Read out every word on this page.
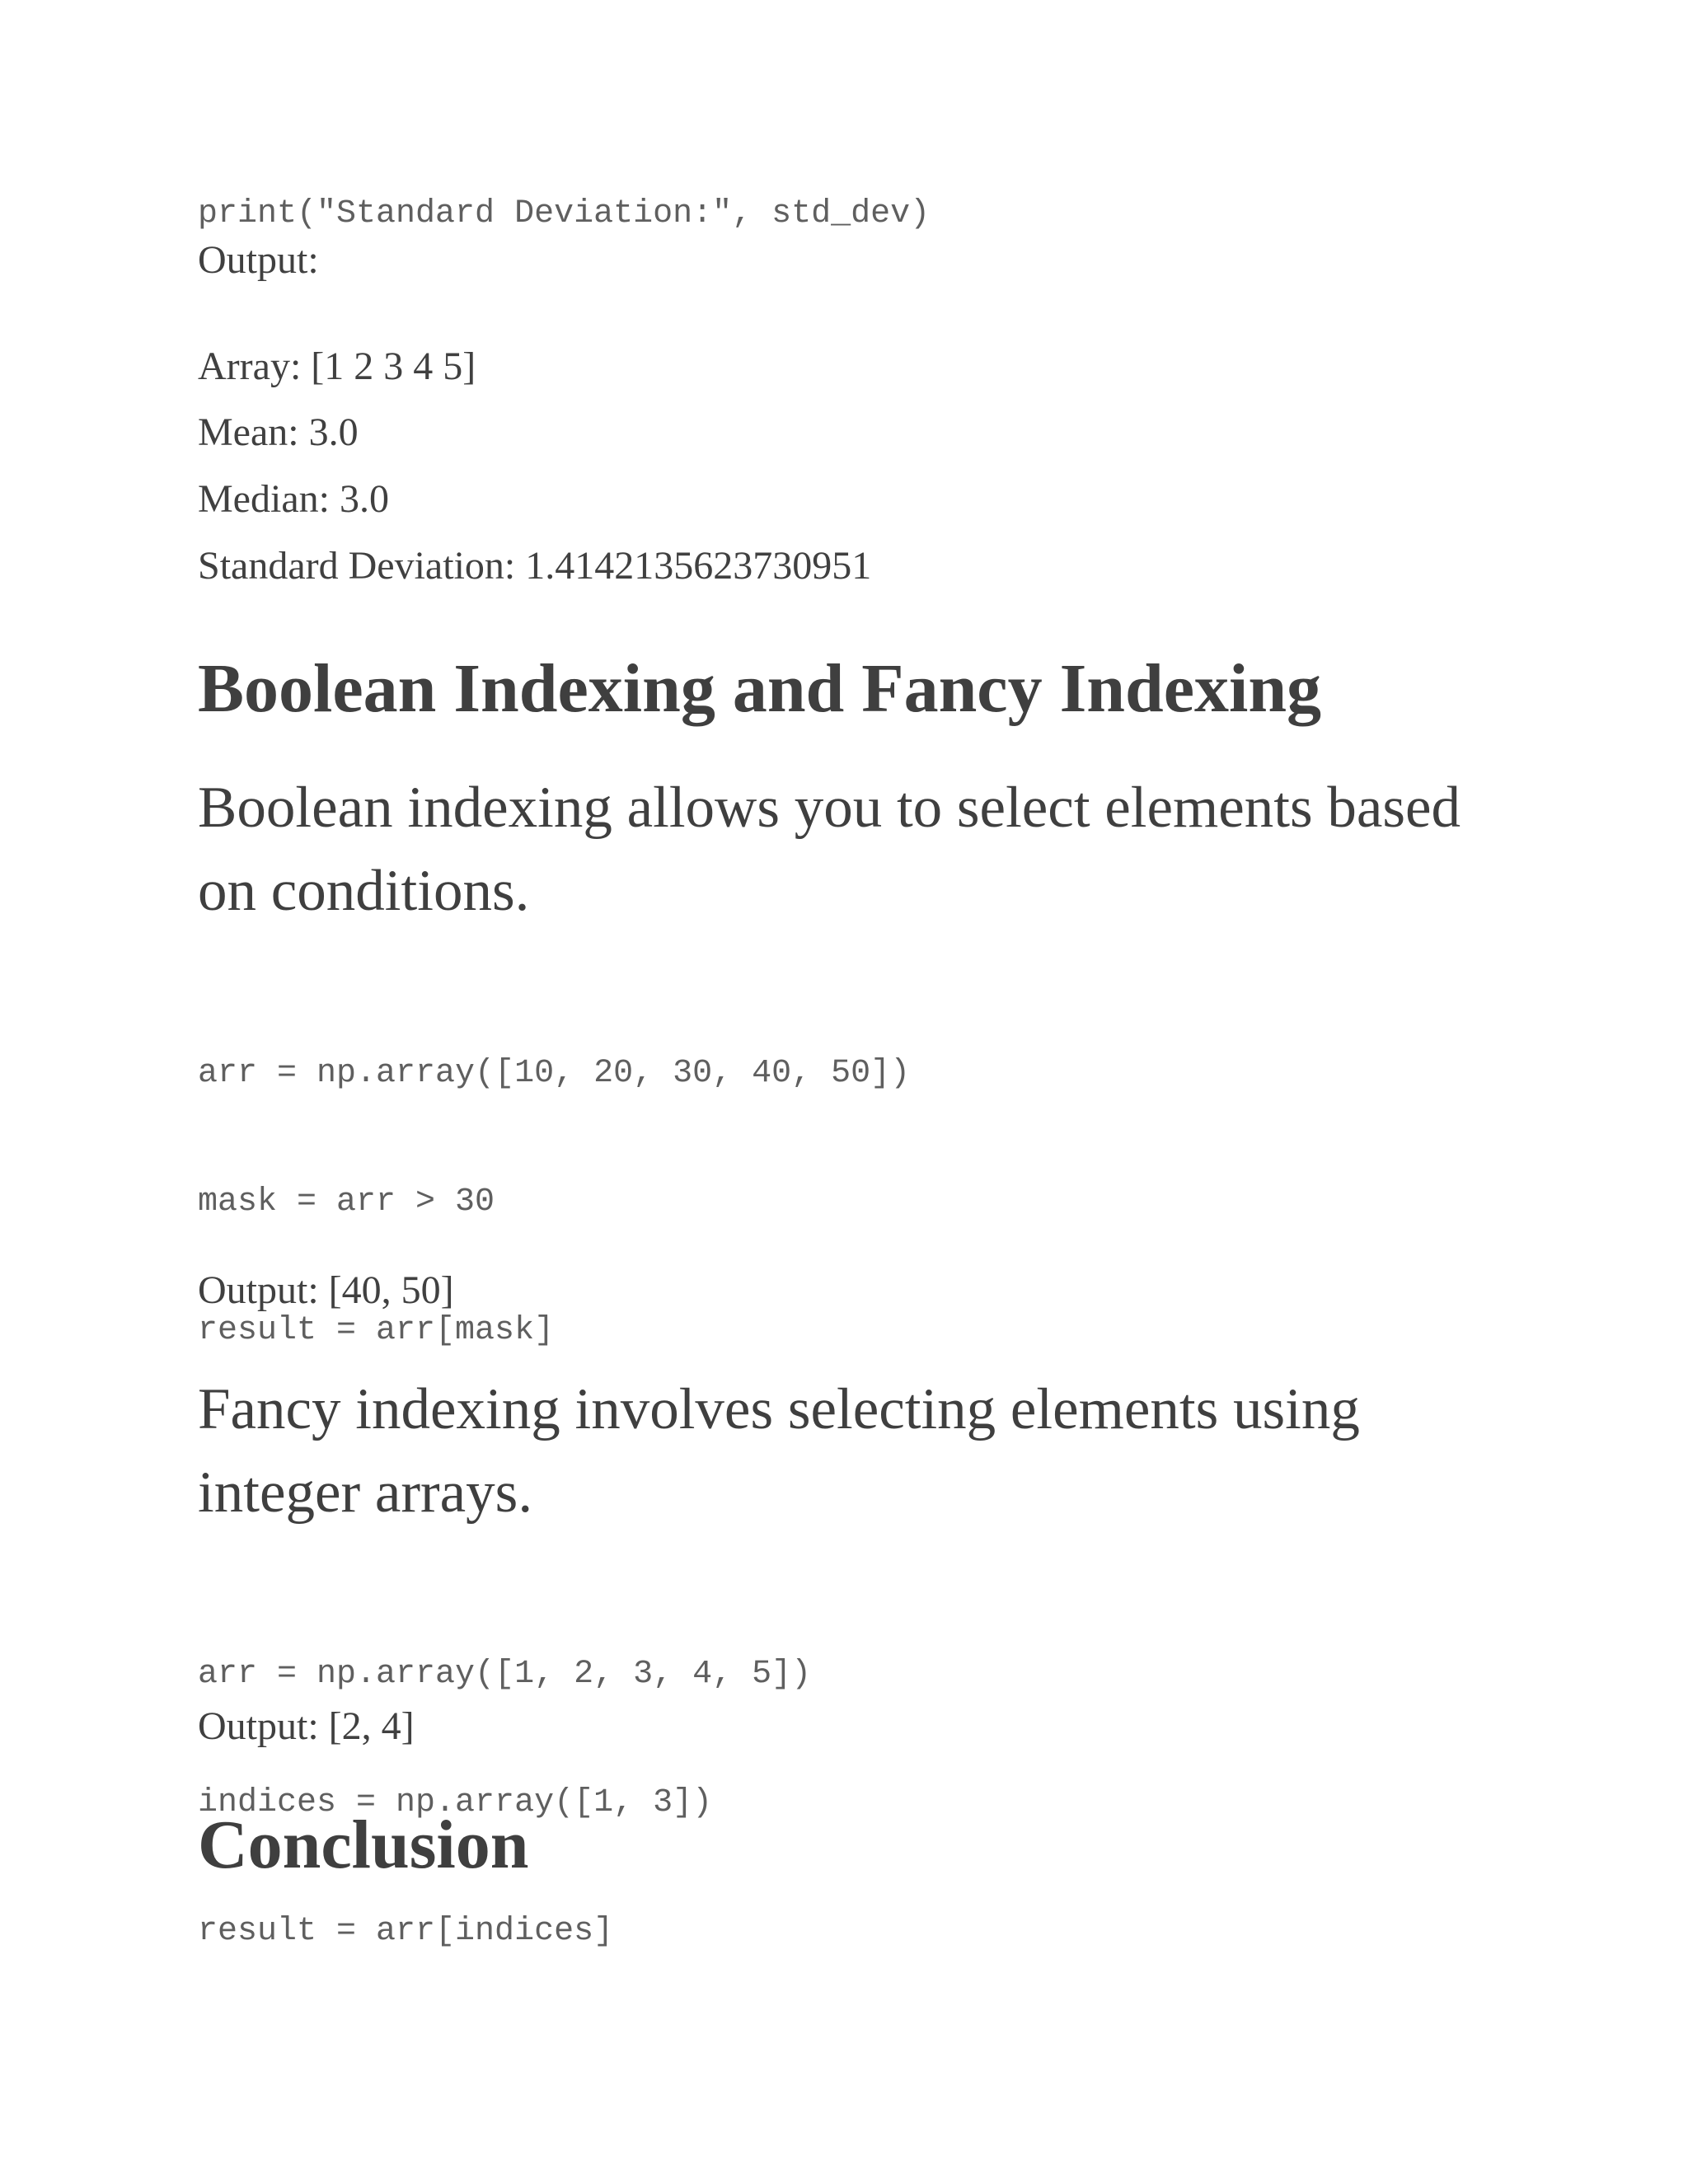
print("Standard Deviation:", std_dev)
Output:
Array: [1 2 3 4 5]
Mean: 3.0
Median: 3.0
Standard Deviation: 1.4142135623730951
Boolean Indexing and Fancy Indexing

Boolean indexing allows you to select elements based on conditions.

arr = np.array([10, 20, 30, 40, 50])

mask = arr > 30

result = arr[mask]

Output: [40, 50]

Fancy indexing involves selecting elements using integer arrays.

arr = np.array([1, 2, 3, 4, 5])

indices = np.array([1, 3])

result = arr[indices]

Output: [2, 4]
Conclusion
